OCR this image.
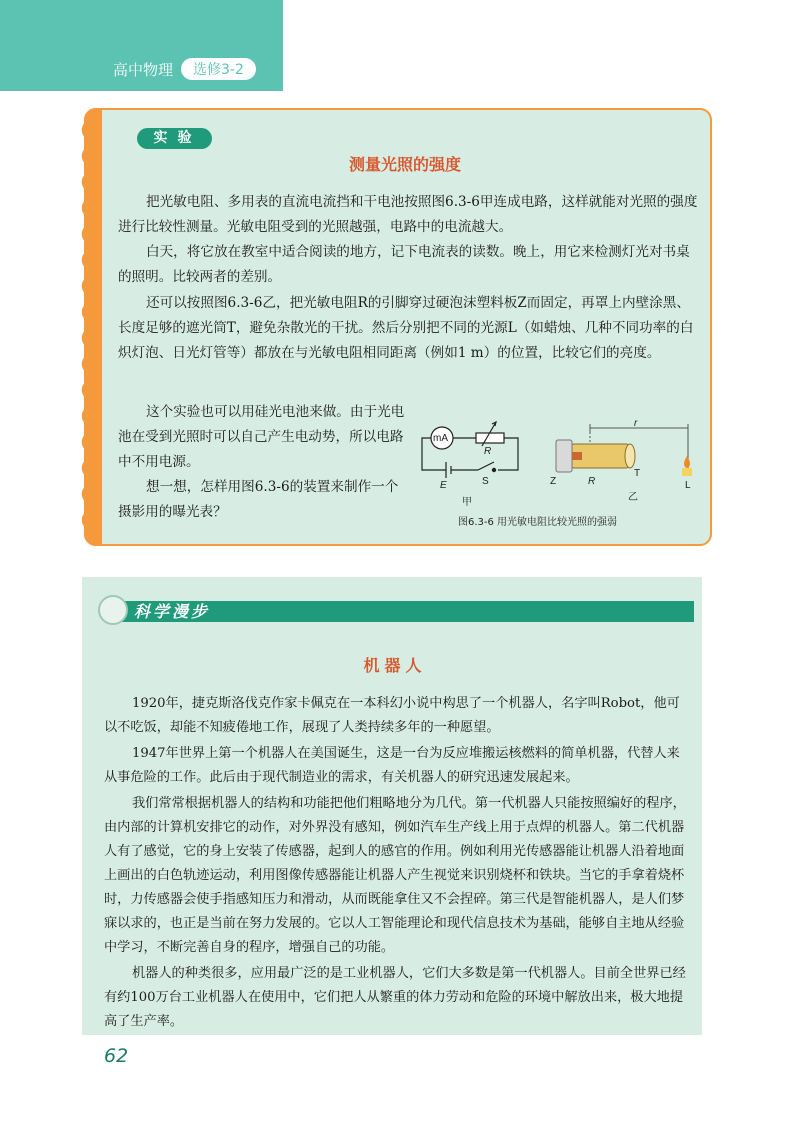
高中物理	选修3-2
实验
测量光照的强度

把光敏电阻、多用表的直流电流挡和干电池按照图6.3-6甲连成电路，这样就能对光照的强度进行比较性测量。光敏电阻受到的光照越强，电路中的电流越大。

白天，将它放在教室中适合阅读的地方，记下电流表的读数。晚上，用它来检测灯光对书桌的照明。比较两者的差别。

还可以按照图6.3-6乙，把光敏电阻R的引脚穿过硬泡沫塑料板Z而固定，再罩上内壁涂黑、长度足够的遮光筒T，避免杂散光的干扰。然后分别把不同的光源L（如蜡烛、几种不同功率的白炽灯泡、日光灯管等）都放在与光敏电阻相同距离（例如1 m）的位置，比较它们的亮度。

这个实验也可以用硅光电池来做。由于光电池在受到光照时可以自己产生电动势，所以电路中不用电源。

想一想，怎样用图6.3-6的装置来制作一个摄影用的曝光表？

mA
R
E	S
甲
r
Z	R
T
L
乙
图6.3-6 用光敏电阻比较光照的强弱
科学漫步
机器人

1920年，捷克斯洛伐克作家卡佩克在一本科幻小说中构思了一个机器人，名字叫Robot，他可以不吃饭，却能不知疲倦地工作，展现了人类持续多年的一种愿望。

1947年世界上第一个机器人在美国诞生，这是一台为反应堆搬运核燃料的简单机器，代替人来从事危险的工作。此后由于现代制造业的需求，有关机器人的研究迅速发展起来。

我们常常根据机器人的结构和功能把他们粗略地分为几代。第一代机器人只能按照编好的程序，由内部的计算机安排它的动作，对外界没有感知，例如汽车生产线上用于点焊的机器人。第二代机器人有了感觉，它的身上安装了传感器，起到人的感官的作用。例如利用光传感器能让机器人沿着地面上画出的白色轨迹运动，利用图像传感器能让机器人产生视觉来识别烧杯和铁块。当它的手拿着烧杯时，力传感器会使手指感知压力和滑动，从而既能拿住又不会捏碎。第三代是智能机器人，是人们梦寐以求的，也正是当前在努力发展的。它以人工智能理论和现代信息技术为基础，能够自主地从经验中学习，不断完善自身的程序，增强自己的功能。

机器人的种类很多，应用最广泛的是工业机器人，它们大多数是第一代机器人。目前全世界已经有约100万台工业机器人在使用中，它们把人从繁重的体力劳动和危险的环境中解放出来，极大地提高了生产率。

62
